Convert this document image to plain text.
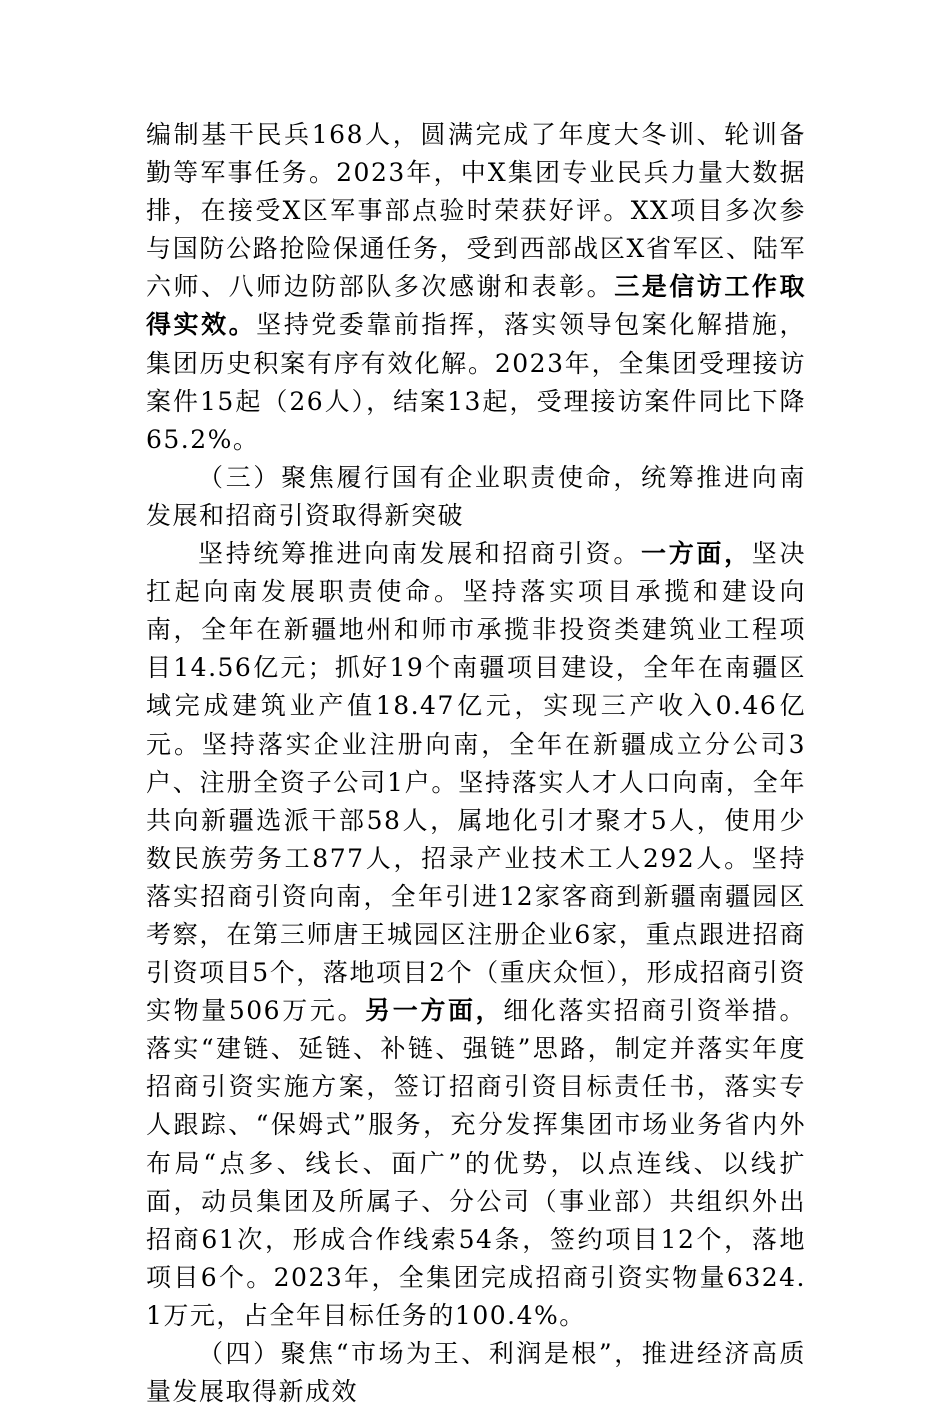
编制基干民兵168人，圆满完成了年度大冬训、轮训备勤等军事任务。2023年，中X集团专业民兵力量大数据排，在接受X区军事部点验时荣获好评。XX项目多次参与国防公路抢险保通任务，受到西部战区X省军区、陆军六师、八师边防部队多次感谢和表彰。三是信访工作取得实效。坚持党委靠前指挥，落实领导包案化解措施，集团历史积案有序有效化解。2023年，全集团受理接访案件15起（26人），结案13起，受理接访案件同比下降65.2%。

（三）聚焦履行国有企业职责使命，统筹推进向南发展和招商引资取得新突破

坚持统筹推进向南发展和招商引资。一方面，坚决扛起向南发展职责使命。坚持落实项目承揽和建设向南，全年在新疆地州和师市承揽非投资类建筑业工程项目14.56亿元；抓好19个南疆项目建设，全年在南疆区域完成建筑业产值18.47亿元，实现三产收入0.46亿元。坚持落实企业注册向南，全年在新疆成立分公司3户、注册全资子公司1户。坚持落实人才人口向南，全年共向新疆选派干部58人，属地化引才聚才5人，使用少数民族劳务工877人，招录产业技术工人292人。坚持落实招商引资向南，全年引进12家客商到新疆南疆园区考察，在第三师唐王城园区注册企业6家，重点跟进招商引资项目5个，落地项目2个（重庆众恒），形成招商引资实物量506万元。另一方面，细化落实招商引资举措。落实“建链、延链、补链、强链”思路，制定并落实年度招商引资实施方案，签订招商引资目标责任书，落实专人跟踪、“保姆式”服务，充分发挥集团市场业务省内外布局“点多、线长、面广”的优势，以点连线、以线扩面，动员集团及所属子、分公司（事业部）共组织外出招商61次，形成合作线索54条，签约项目12个，落地项目6个。2023年，全集团完成招商引资实物量6324.1万元，占全年目标任务的100.4%。

（四）聚焦“市场为王、利润是根”，推进经济高质量发展取得新成效
